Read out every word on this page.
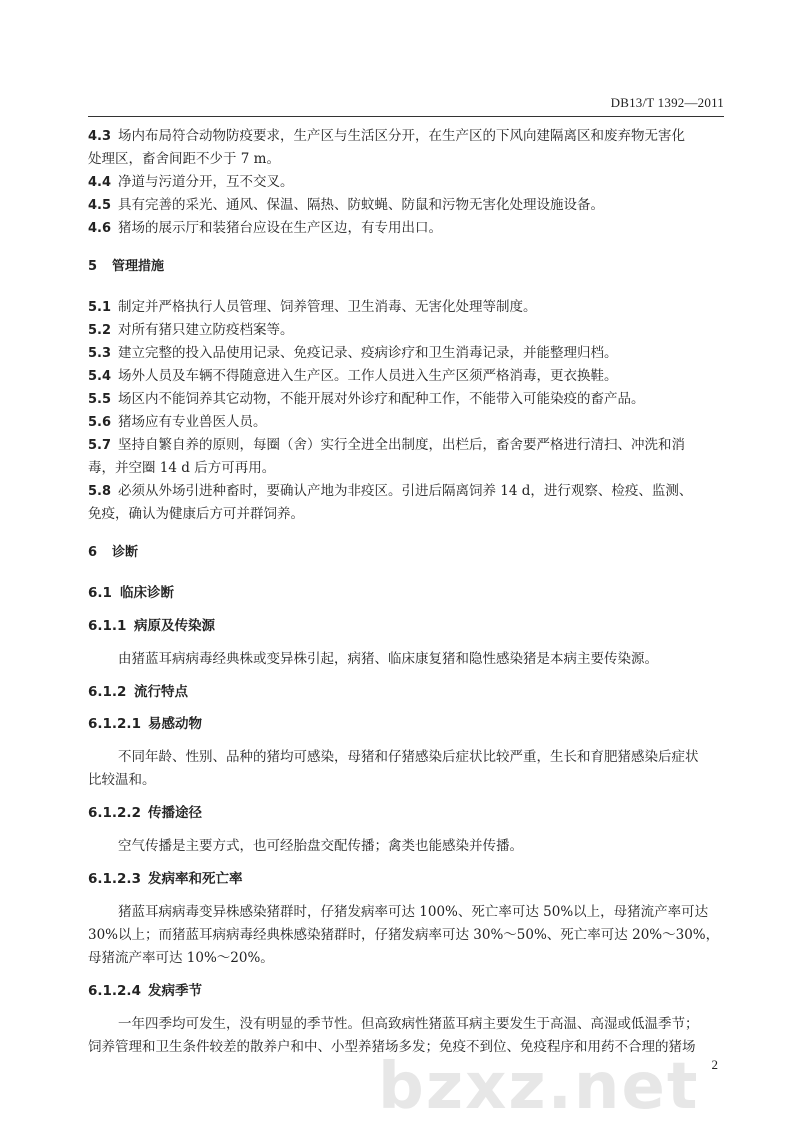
DB13/T 1392—2011
4.3 场内布局符合动物防疫要求，生产区与生活区分开，在生产区的下风向建隔离区和废弃物无害化
处理区，畜舍间距不少于 7 m。
4.4 净道与污道分开，互不交叉。
4.5 具有完善的采光、通风、保温、隔热、防蚊蝇、防鼠和污物无害化处理设施设备。
4.6 猪场的展示厅和装猪台应设在生产区边，有专用出口。
5 管理措施
5.1 制定并严格执行人员管理、饲养管理、卫生消毒、无害化处理等制度。
5.2 对所有猪只建立防疫档案等。
5.3 建立完整的投入品使用记录、免疫记录、疫病诊疗和卫生消毒记录，并能整理归档。
5.4 场外人员及车辆不得随意进入生产区。工作人员进入生产区须严格消毒，更衣换鞋。
5.5 场区内不能饲养其它动物，不能开展对外诊疗和配种工作，不能带入可能染疫的畜产品。
5.6 猪场应有专业兽医人员。
5.7 坚持自繁自养的原则，每圈（舍）实行全进全出制度，出栏后，畜舍要严格进行清扫、冲洗和消
毒，并空圈 14 d 后方可再用。
5.8 必须从外场引进种畜时，要确认产地为非疫区。引进后隔离饲养 14 d，进行观察、检疫、监测、
免疫，确认为健康后方可并群饲养。
6 诊断
6.1 临床诊断
6.1.1 病原及传染源
由猪蓝耳病病毒经典株或变异株引起，病猪、临床康复猪和隐性感染猪是本病主要传染源。
6.1.2 流行特点
6.1.2.1 易感动物
不同年龄、性别、品种的猪均可感染，母猪和仔猪感染后症状比较严重，生长和育肥猪感染后症状
比较温和。
6.1.2.2 传播途径
空气传播是主要方式，也可经胎盘交配传播；禽类也能感染并传播。
6.1.2.3 发病率和死亡率
猪蓝耳病病毒变异株感染猪群时，仔猪发病率可达 100%、死亡率可达 50%以上，母猪流产率可达
30%以上；而猪蓝耳病病毒经典株感染猪群时，仔猪发病率可达 30%～50%、死亡率可达 20%～30%，
母猪流产率可达 10%～20%。
6.1.2.4 发病季节
一年四季均可发生，没有明显的季节性。但高致病性猪蓝耳病主要发生于高温、高湿或低温季节；
饲养管理和卫生条件较差的散养户和中、小型养猪场多发；免疫不到位、免疫程序和用药不合理的猪场
bzxz.net 2
